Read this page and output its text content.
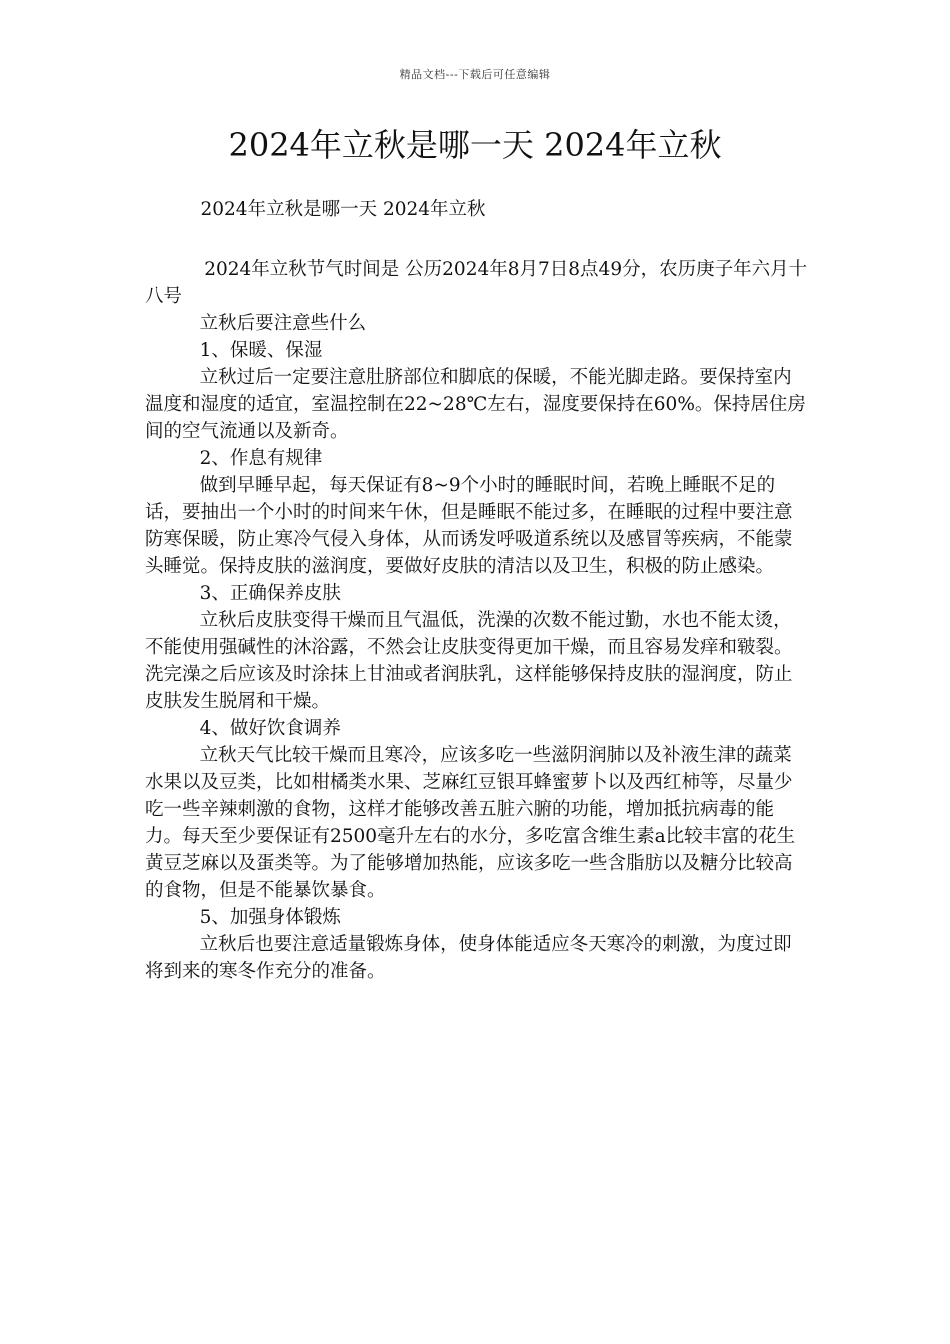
精品文档---下载后可任意编辑
2024年立秋是哪一天 2024年立秋

2024年立秋是哪一天 2024年立秋

2024年立秋节气时间是 公历2024年8月7日8点49分，农历庚子年六月十八号

立秋后要注意些什么

1、保暖、保湿

立秋过后一定要注意肚脐部位和脚底的保暖，不能光脚走路。要保持室内温度和湿度的适宜，室温控制在22~28℃左右，湿度要保持在60%。保持居住房间的空气流通以及新奇。

2、作息有规律

做到早睡早起，每天保证有8~9个小时的睡眠时间，若晚上睡眠不足的话，要抽出一个小时的时间来午休，但是睡眠不能过多，在睡眠的过程中要注意防寒保暖，防止寒冷气侵入身体，从而诱发呼吸道系统以及感冒等疾病，不能蒙头睡觉。保持皮肤的滋润度，要做好皮肤的清洁以及卫生，积极的防止感染。

3、正确保养皮肤

立秋后皮肤变得干燥而且气温低，洗澡的次数不能过勤，水也不能太烫，不能使用强碱性的沐浴露，不然会让皮肤变得更加干燥，而且容易发痒和皲裂。洗完澡之后应该及时涂抹上甘油或者润肤乳，这样能够保持皮肤的湿润度，防止皮肤发生脱屑和干燥。

4、做好饮食调养

立秋天气比较干燥而且寒冷，应该多吃一些滋阴润肺以及补液生津的蔬菜水果以及豆类，比如柑橘类水果、芝麻红豆银耳蜂蜜萝卜以及西红柿等，尽量少吃一些辛辣刺激的食物，这样才能够改善五脏六腑的功能，增加抵抗病毒的能力。每天至少要保证有2500毫升左右的水分，多吃富含维生素a比较丰富的花生黄豆芝麻以及蛋类等。为了能够增加热能，应该多吃一些含脂肪以及糖分比较高的食物，但是不能暴饮暴食。

5、加强身体锻炼

立秋后也要注意适量锻炼身体，使身体能适应冬天寒冷的刺激，为度过即将到来的寒冬作充分的准备。
